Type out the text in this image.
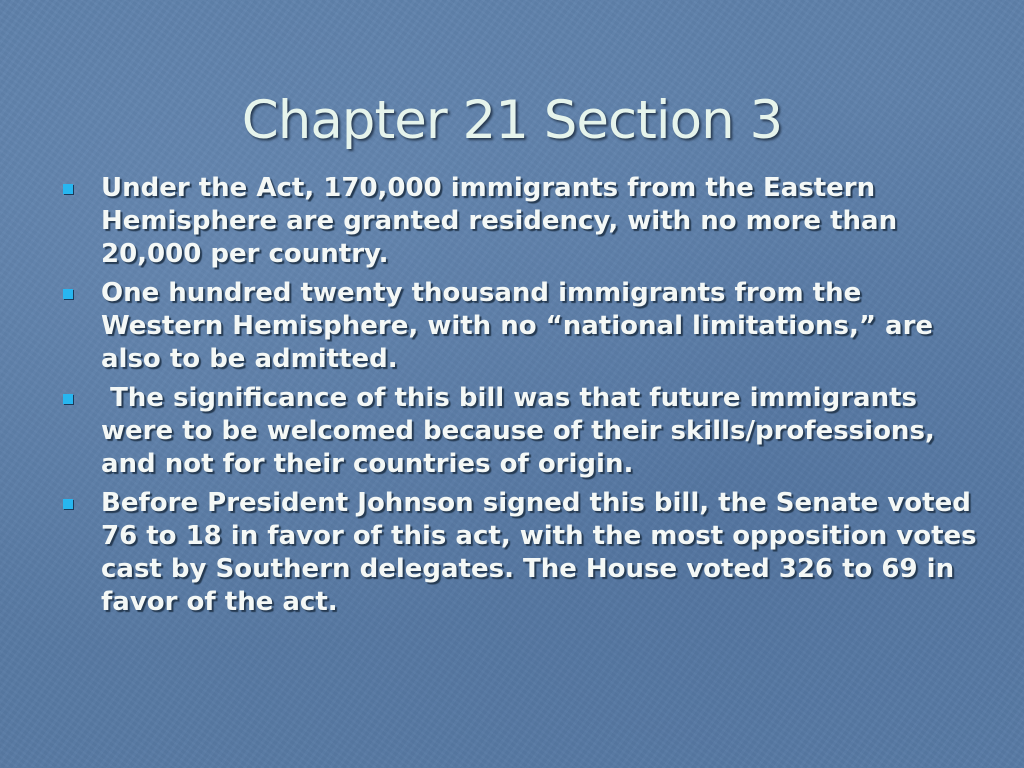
Chapter 21 Section 3
Under the Act, 170,000 immigrants from the Eastern Hemisphere are granted residency, with no more than 20,000 per country.
One hundred twenty thousand immigrants from the Western Hemisphere, with no “national limitations,” are also to be admitted.
The significance of this bill was that future immigrants were to be welcomed because of their skills/professions, and not for their countries of origin.
Before President Johnson signed this bill, the Senate voted 76 to 18 in favor of this act, with the most opposition votes cast by Southern delegates. The House voted 326 to 69 in favor of the act.
